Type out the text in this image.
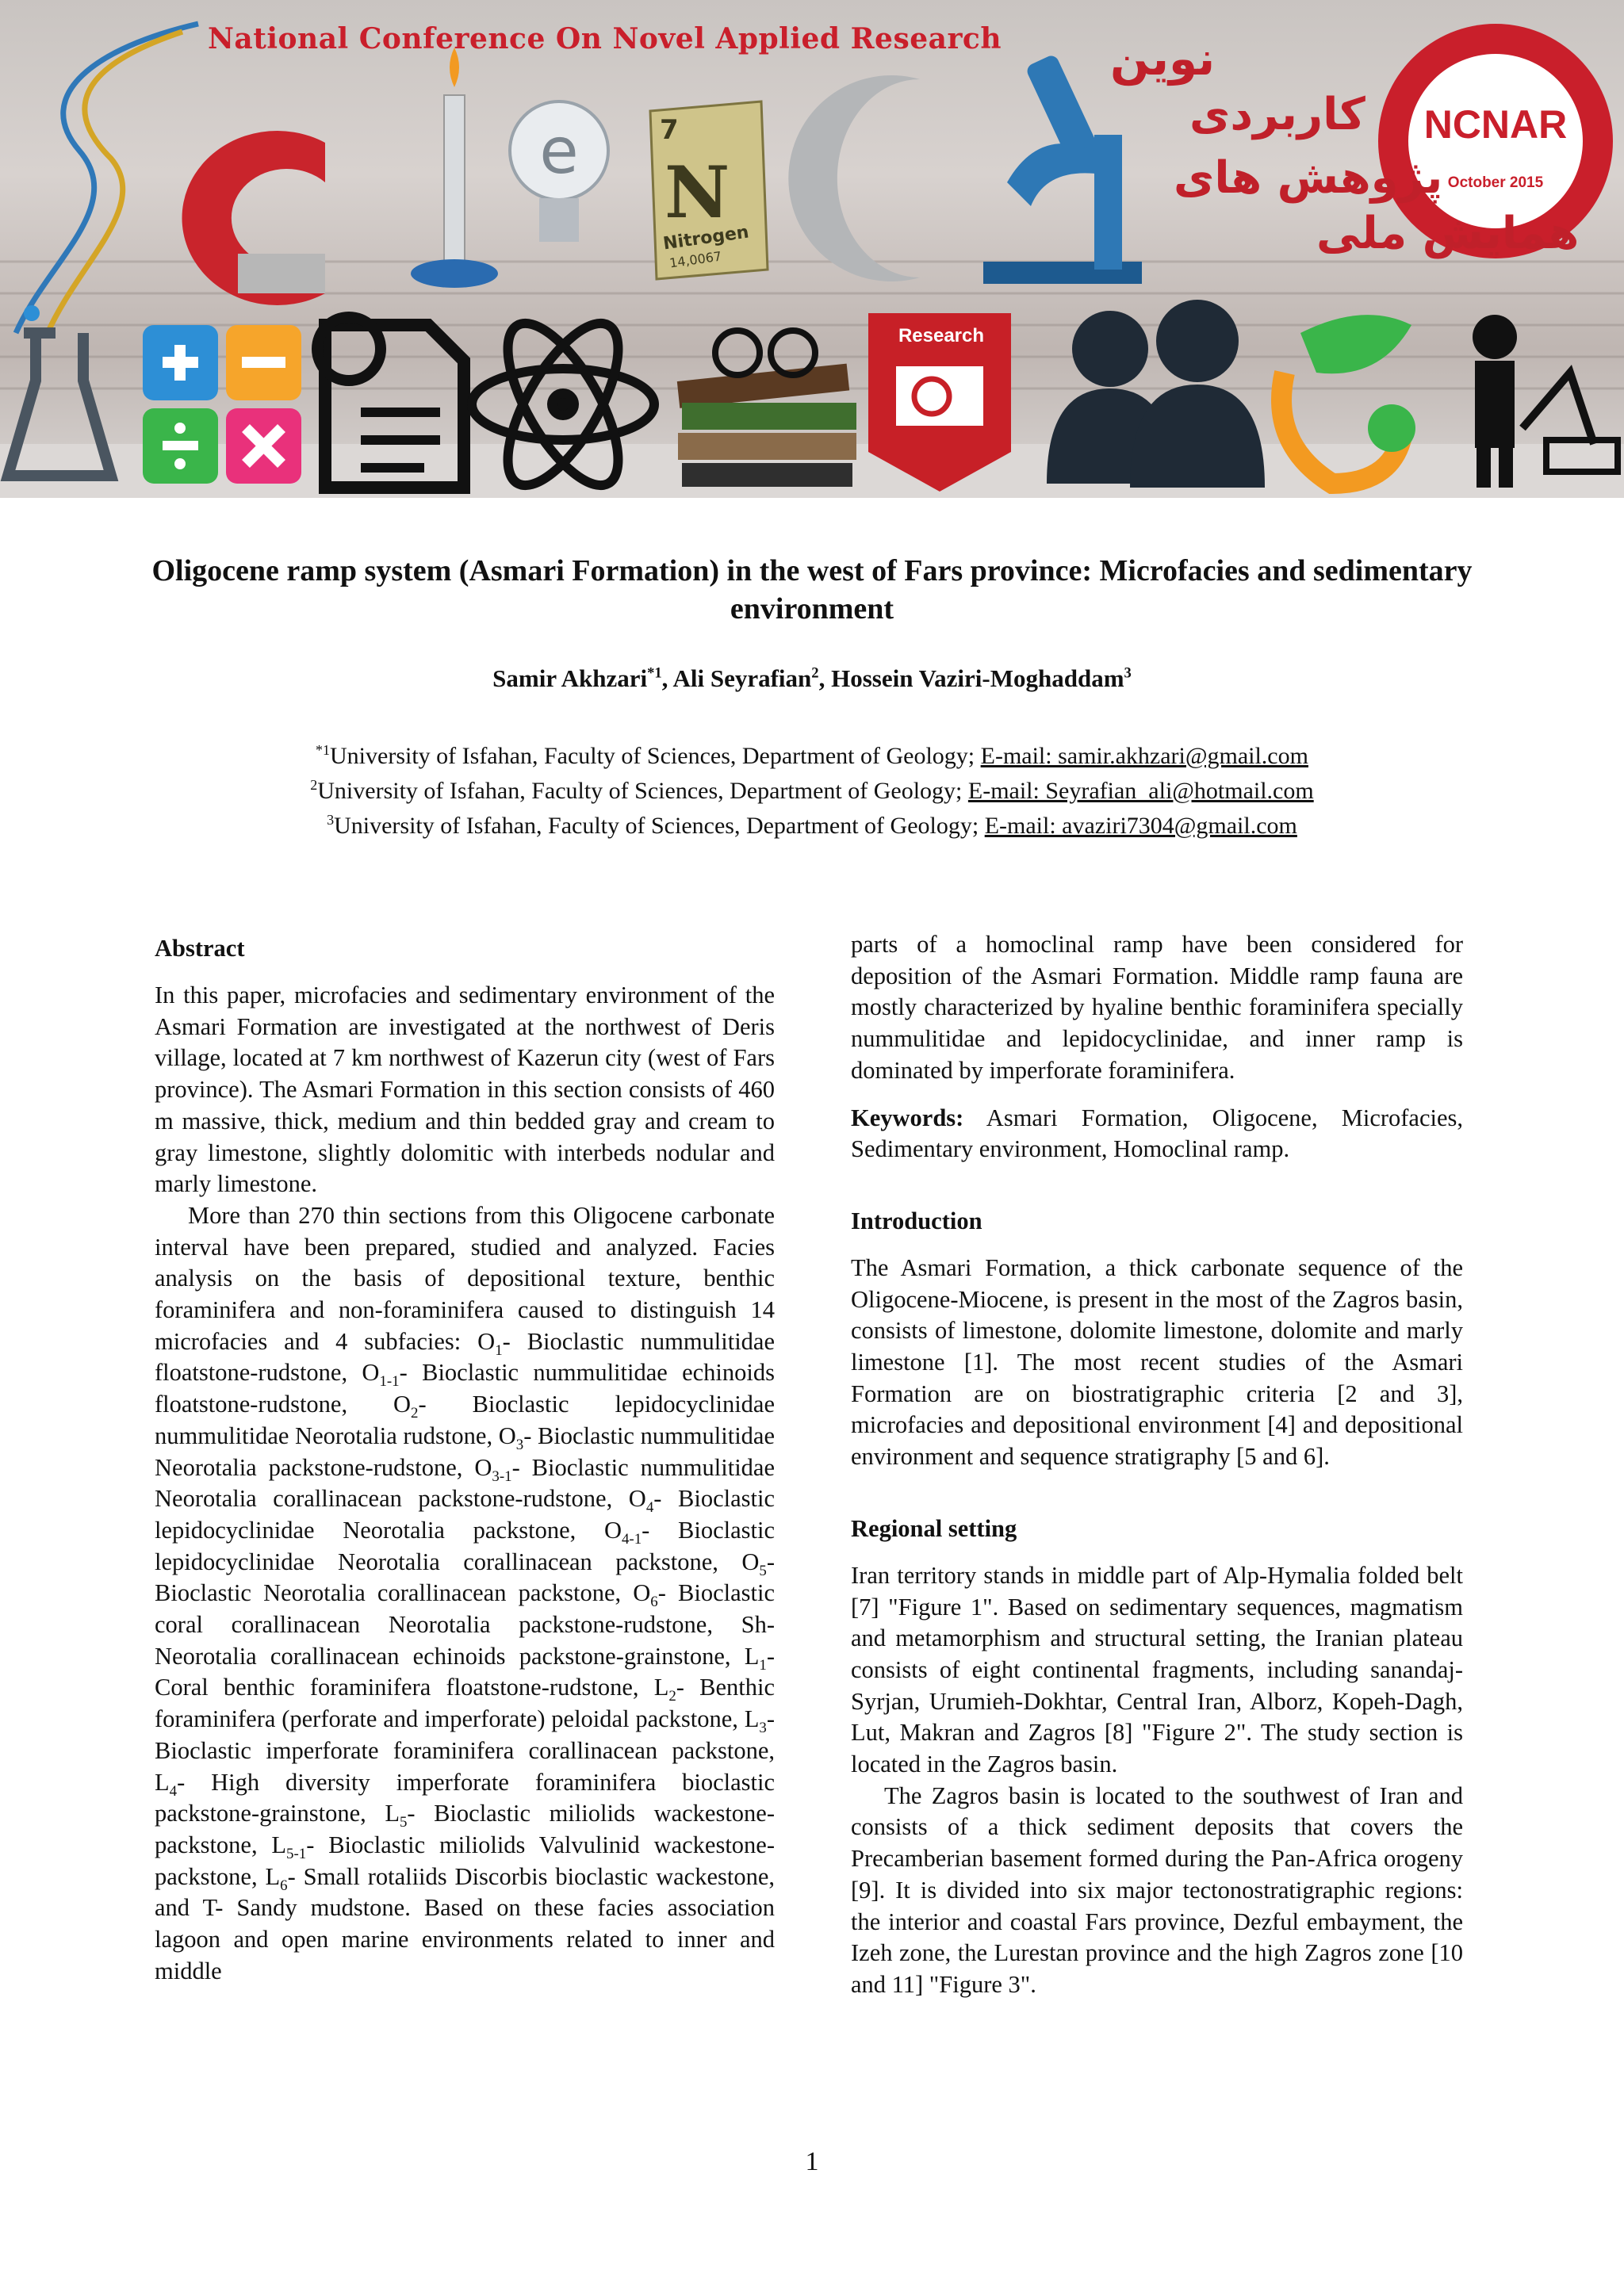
e
National Conference On Novel Applied Research نوین
کاربردی
پژوهش های
همایش ملی
7
N
Nitrogen
14,0067
NCNAR
October 2015
Research
Oligocene ramp system (Asmari Formation) in the west of Fars province: Microfacies and sedimentary environment
Samir Akhzari$^{*1}$, Ali Seyrafian$^2$, Hossein Vaziri-Moghaddam$^3$
$^{*1}$University of Isfahan, Faculty of Sciences, Department of Geology; E-mail: samir.akhzari@gmail.com
$^2$University of Isfahan, Faculty of Sciences, Department of Geology; E-mail: Seyrafian_ali@hotmail.com
$^3$University of Isfahan, Faculty of Sciences, Department of Geology; E-mail: avaziri7304@gmail.com
Abstract

In this paper, microfacies and sedimentary environment of the Asmari Formation are investigated at the northwest of Deris village, located at 7 km northwest of Kazerun city (west of Fars province). The Asmari Formation in this section consists of 460 m massive, thick, medium and thin bedded gray and cream to gray limestone, slightly dolomitic with interbeds nodular and marly limestone.

More than 270 thin sections from this Oligocene carbonate interval have been prepared, studied and analyzed. Facies analysis on the basis of depositional texture, benthic foraminifera and non-foraminifera caused to distinguish 14 microfacies and 4 subfacies: $O_1-$ Bioclastic nummulitidae floatstone-rudstone, $O_{1-1}-$ Bioclastic nummulitidae echinoids floatstone-rudstone, $O_2-$ Bioclastic lepidocyclinidae nummulitidae Neorotalia rudstone, $O_3-$ Bioclastic nummulitidae Neorotalia packstone-rudstone, $O_{3-1}-$ Bioclastic nummulitidae Neorotalia corallinacean packstone-rudstone, $O_4-$ Bioclastic lepidocyclinidae Neorotalia packstone, $O_{4-1}-$ Bioclastic lepidocyclinidae Neorotalia corallinacean packstone, $O_5-$ Bioclastic Neorotalia corallinacean packstone, $O_6-$ Bioclastic coral corallinacean Neorotalia packstone-rudstone, Sh- Neorotalia corallinacean echinoids packstone-grainstone, $L_1-$ Coral benthic foraminifera floatstone-rudstone, $L_2-$ Benthic foraminifera (perforate and imperforate) peloidal packstone, $L_3-$ Bioclastic imperforate foraminifera corallinacean packstone, $L_4-$ High diversity imperforate foraminifera bioclastic packstone-grainstone, $L_5-$ Bioclastic miliolids wackestone-packstone, $L_{5-1}-$ Bioclastic miliolids Valvulinid wackestone-packstone, $L_6-$ Small rotaliids Discorbis bioclastic wackestone, and T- Sandy mudstone. Based on these facies association lagoon and open marine environments related to inner and middle

parts of a homoclinal ramp have been considered for deposition of the Asmari Formation. Middle ramp fauna are mostly characterized by hyaline benthic foraminifera specially nummulitidae and lepidocyclinidae, and inner ramp is dominated by imperforate foraminifera.

Keywords: Asmari Formation, Oligocene, Microfacies, Sedimentary environment, Homoclinal ramp.

Introduction

The Asmari Formation, a thick carbonate sequence of the Oligocene-Miocene, is present in the most of the Zagros basin, consists of limestone, dolomite limestone, dolomite and marly limestone [1]. The most recent studies of the Asmari Formation are on biostratigraphic criteria [2 and 3], microfacies and depositional environment [4] and depositional environment and sequence stratigraphy [5 and 6].

Regional setting

Iran territory stands in middle part of Alp-Hymalia folded belt [7] "Figure 1". Based on sedimentary sequences, magmatism and metamorphism and structural setting, the Iranian plateau consists of eight continental fragments, including sanandaj-Syrjan, Urumieh-Dokhtar, Central Iran, Alborz, Kopeh-Dagh, Lut, Makran and Zagros [8] "Figure 2". The study section is located in the Zagros basin.

The Zagros basin is located to the southwest of Iran and consists of a thick sediment deposits that covers the Precamberian basement formed during the Pan-Africa orogeny [9]. It is divided into six major tectonostratigraphic regions: the interior and coastal Fars province, Dezful embayment, the Izeh zone, the Lurestan province and the high Zagros zone [10 and 11] "Figure 3".

1
